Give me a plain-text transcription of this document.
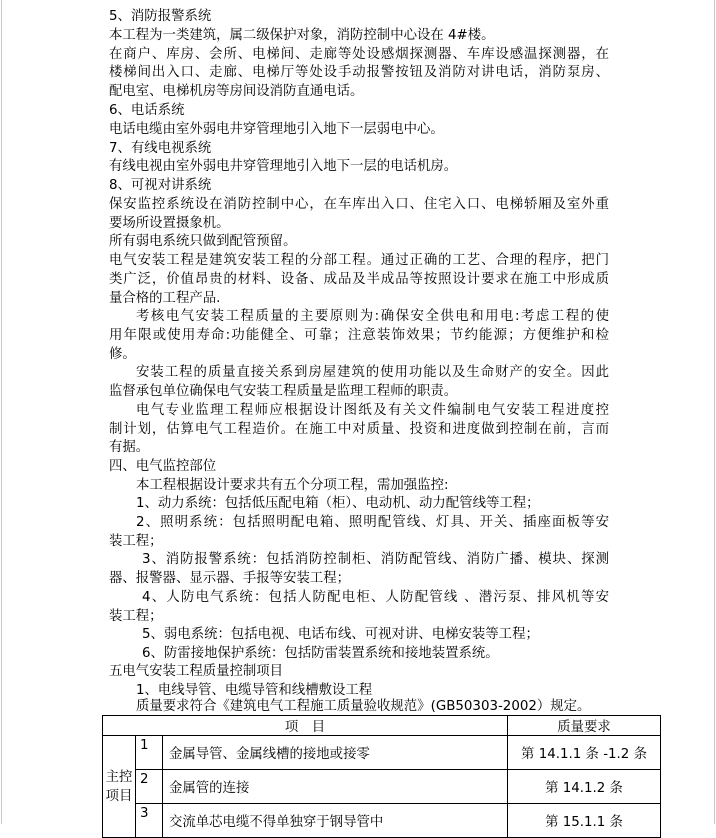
5、消防报警系统
本工程为一类建筑，属二级保护对象，消防控制中心设在 4#楼。
在商户、库房、会所、电梯间、走廊等处设感烟探测器、车库设感温探测器，在
楼梯间出入口、走廊、电梯厅等处设手动报警按钮及消防对讲电话，消防泵房、
配电室、电梯机房等房间设消防直通电话。
6、电话系统
电话电缆由室外弱电井穿管理地引入地下一层弱电中心。
7、有线电视系统
有线电视由室外弱电井穿管理地引入地下一层的电话机房。
8、可视对讲系统
保安监控系统设在消防控制中心，在车库出入口、住宅入口、电梯轿厢及室外重
要场所设置摄象机。
所有弱电系统只做到配管预留。
电气安装工程是建筑安装工程的分部工程。通过正确的工艺、合理的程序，把门
类广泛，价值昂贵的材料、设备、成品及半成品等按照设计要求在施工中形成质
量合格的工程产品.
考核电气安装工程质量的主要原则为:确保安全供电和用电:考虑工程的使
用年限或使用寿命:功能健全、可靠；注意装饰效果；节约能源；方便维护和检
修。
安装工程的质量直接关系到房屋建筑的使用功能以及生命财产的安全。因此
监督承包单位确保电气安装工程质量是监理工程师的职责。
电气专业监理工程师应根据设计图纸及有关文件编制电气安装工程进度控
制计划，估算电气工程造价。在施工中对质量、投资和进度做到控制在前，言而
有据。
四、电气监控部位
本工程根据设计要求共有五个分项工程，需加强监控:
1、动力系统：包括低压配电箱（柜）、电动机、动力配管线等工程；
2、照明系统：包括照明配电箱、照明配管线、灯具、开关、插座面板等安
装工程；
3、消防报警系统：包括消防控制柜、消防配管线、消防广播、模块、探测
器、报警器、显示器、手报等安装工程；
4、人防电气系统：包括人防配电柜、人防配管线 、潜污泵、排风机等安
装工程；
5、弱电系统：包括电视、电话布线、可视对讲、电梯安装等工程；
6、防雷接地保护系统：包括防雷装置系统和接地装置系统。
五电气安装工程质量控制项目
1、电线导管、电缆导管和线槽敷设工程
质量要求符合《建筑电气工程施工质量验收规范》(GB50303-2002）规定。
项　目			质量要求
主控项目	1	金属导管、金属线槽的接地或接零	第 14.1.1 条 -1.2 条
	2	金属管的连接	第 14.1.2 条
	3	交流单芯电缆不得单独穿于钢导管中	第 15.1.1 条
